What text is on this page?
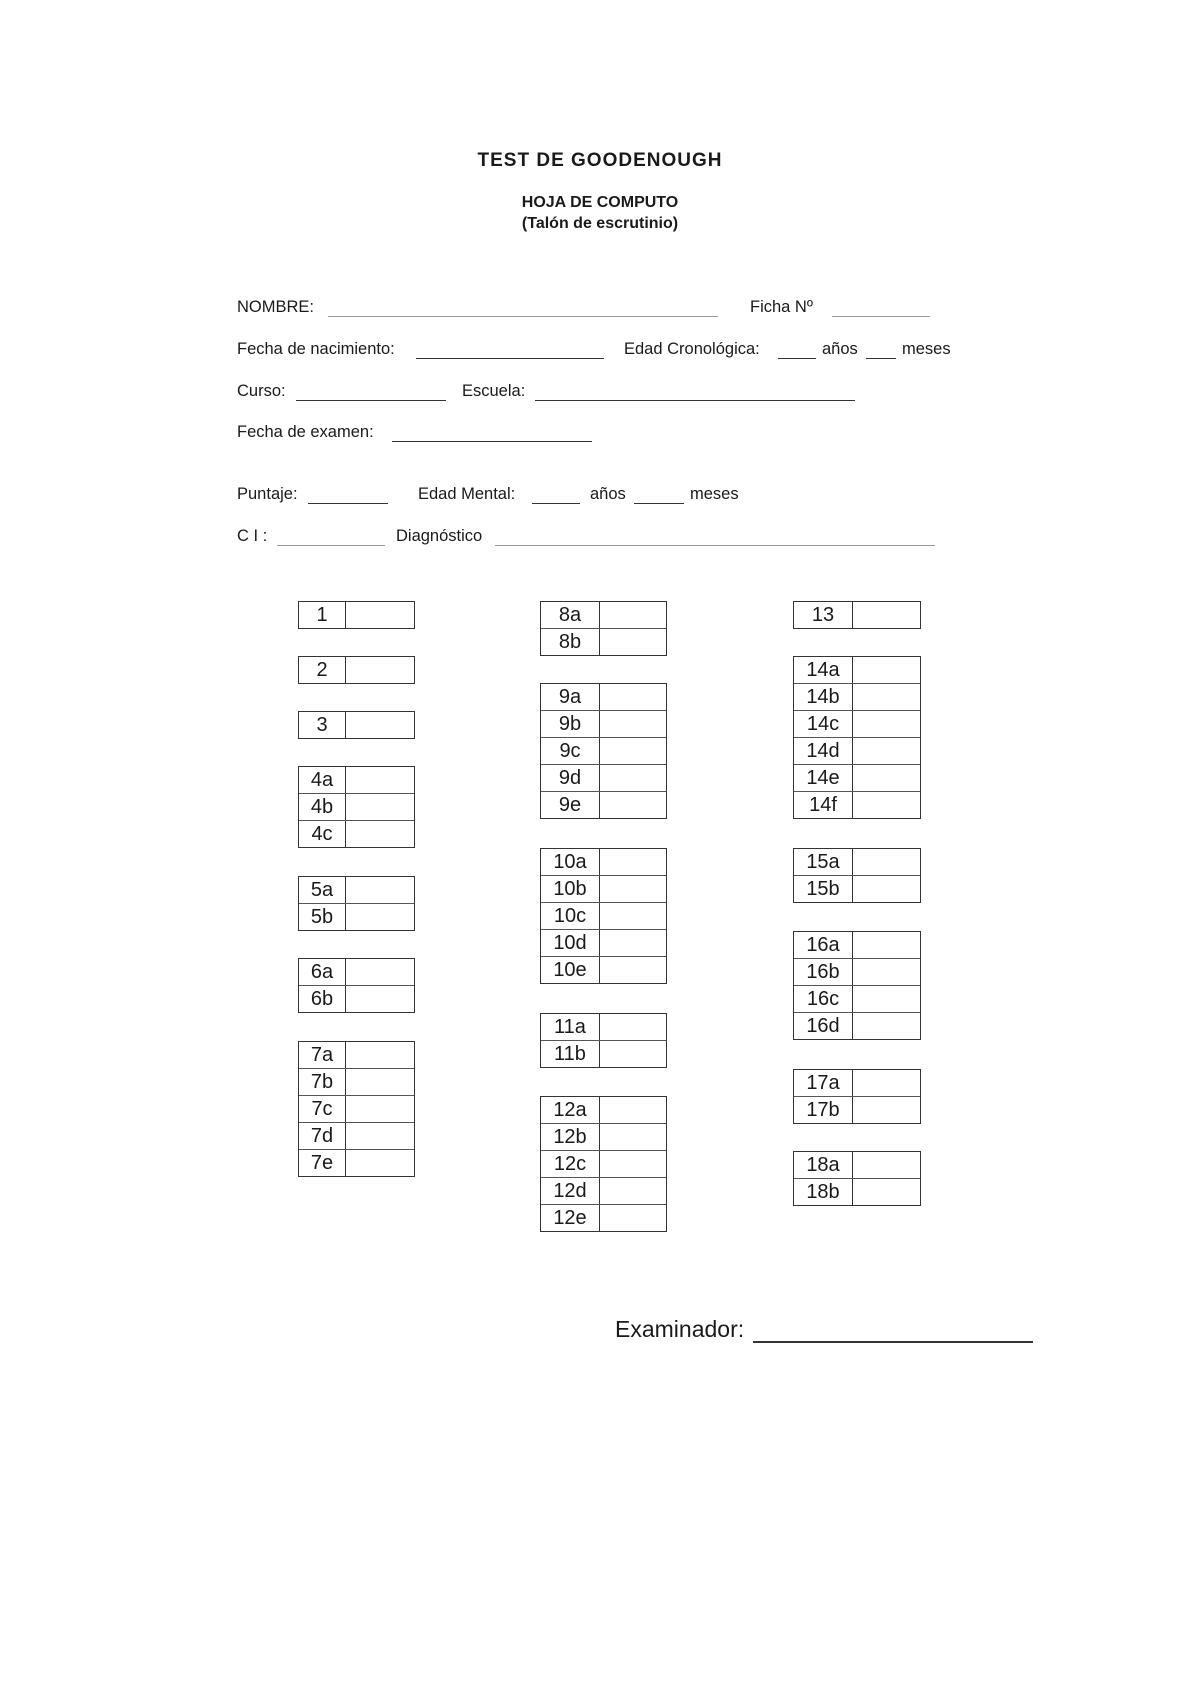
TEST DE GOODENOUGH
HOJA DE COMPUTO
(Talón de escrutinio)
NOMBRE:	Ficha Nº
Fecha de nacimiento:	Edad Cronológica:	años	meses
Curso:	Escuela:
Fecha de examen:
Puntaje:	Edad Mental:	años	meses
C I :	Diagnóstico
1
2
3
4a
4b
4c
5a
5b
6a
6b
7a
7b
7c
7d
7e
8a
8b
9a
9b
9c
9d
9e
10a
10b
10c
10d
10e
11a
11b
12a
12b
12c
12d
12e
13
14a
14b
14c
14d
14e
14f
15a
15b
16a
16b
16c
16d
17a
17b
18a
18b
Examinador:
